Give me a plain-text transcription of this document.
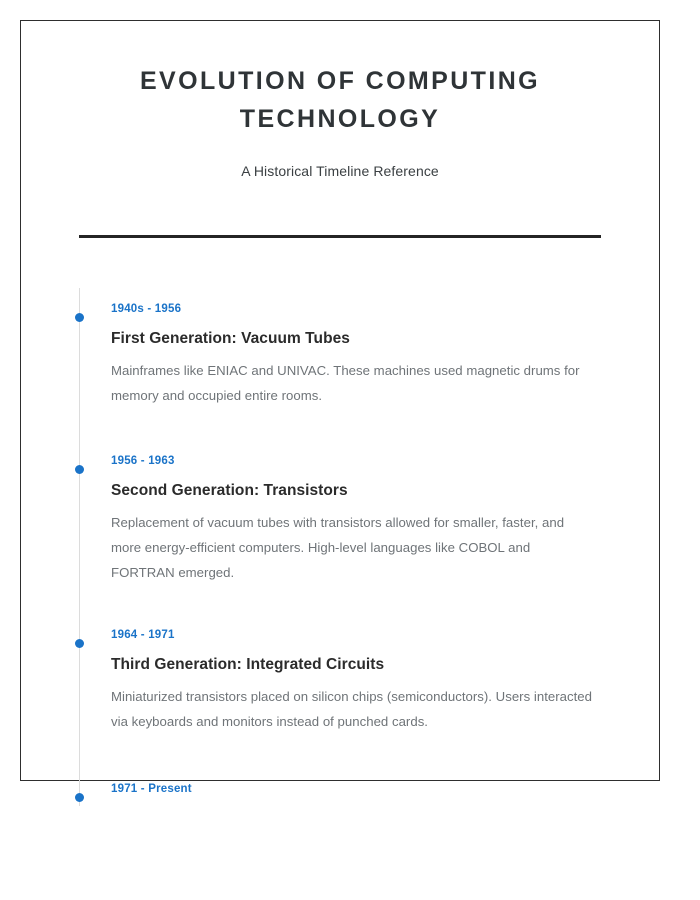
EVOLUTION OF COMPUTING TECHNOLOGY

A Historical Timeline Reference

1940s - 1956

First Generation: Vacuum Tubes

Mainframes like ENIAC and UNIVAC. These machines used magnetic drums for memory and occupied entire rooms.

1956 - 1963

Second Generation: Transistors

Replacement of vacuum tubes with transistors allowed for smaller, faster, and more energy-efficient computers. High-level languages like COBOL and FORTRAN emerged.

1964 - 1971

Third Generation: Integrated Circuits

Miniaturized transistors placed on silicon chips (semiconductors). Users interacted via keyboards and monitors instead of punched cards.

1971 - Present
